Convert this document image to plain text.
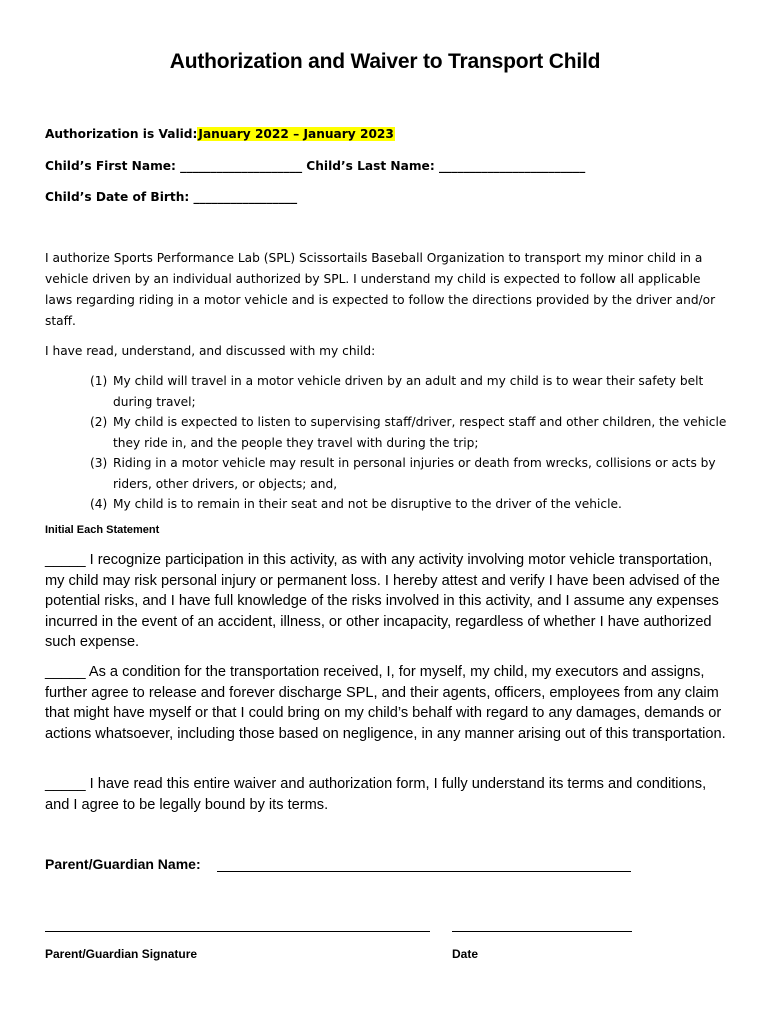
Authorization and Waiver to Transport Child
Authorization is Valid:January 2022 – January 2023
Child’s First Name: ____________________ Child’s Last Name: ________________________
Child’s Date of Birth: _________________
I authorize Sports Performance Lab (SPL) Scissortails Baseball Organization to transport my minor child in a vehicle driven by an individual authorized by SPL. I understand my child is expected to follow all applicable laws regarding riding in a motor vehicle and is expected to follow the directions provided by the driver and/or staff.
I have read, understand, and discussed with my child:
(1) My child will travel in a motor vehicle driven by an adult and my child is to wear their safety belt during travel;
(2) My child is expected to listen to supervising staff/driver, respect staff and other children, the vehicle they ride in, and the people they travel with during the trip;
(3) Riding in a motor vehicle may result in personal injuries or death from wrecks, collisions or acts by riders, other drivers, or objects; and,
(4) My child is to remain in their seat and not be disruptive to the driver of the vehicle.
Initial Each Statement

_____ I recognize participation in this activity, as with any activity involving motor vehicle transportation, my child may risk personal injury or permanent loss. I hereby attest and verify I have been advised of the potential risks, and I have full knowledge of the risks involved in this activity, and I assume any expenses incurred in the event of an accident, illness, or other incapacity, regardless of whether I have authorized such expense.

_____ As a condition for the transportation received, I, for myself, my child, my executors and assigns, further agree to release and forever discharge SPL, and their agents, officers, employees from any claim that might have myself or that I could bring on my child’s behalf with regard to any damages, demands or actions whatsoever, including those based on negligence, in any manner arising out of this transportation.

_____ I have read this entire waiver and authorization form, I fully understand its terms and conditions, and I agree to be legally bound by its terms.

Parent/Guardian Name:
Parent/Guardian Signature	Date
